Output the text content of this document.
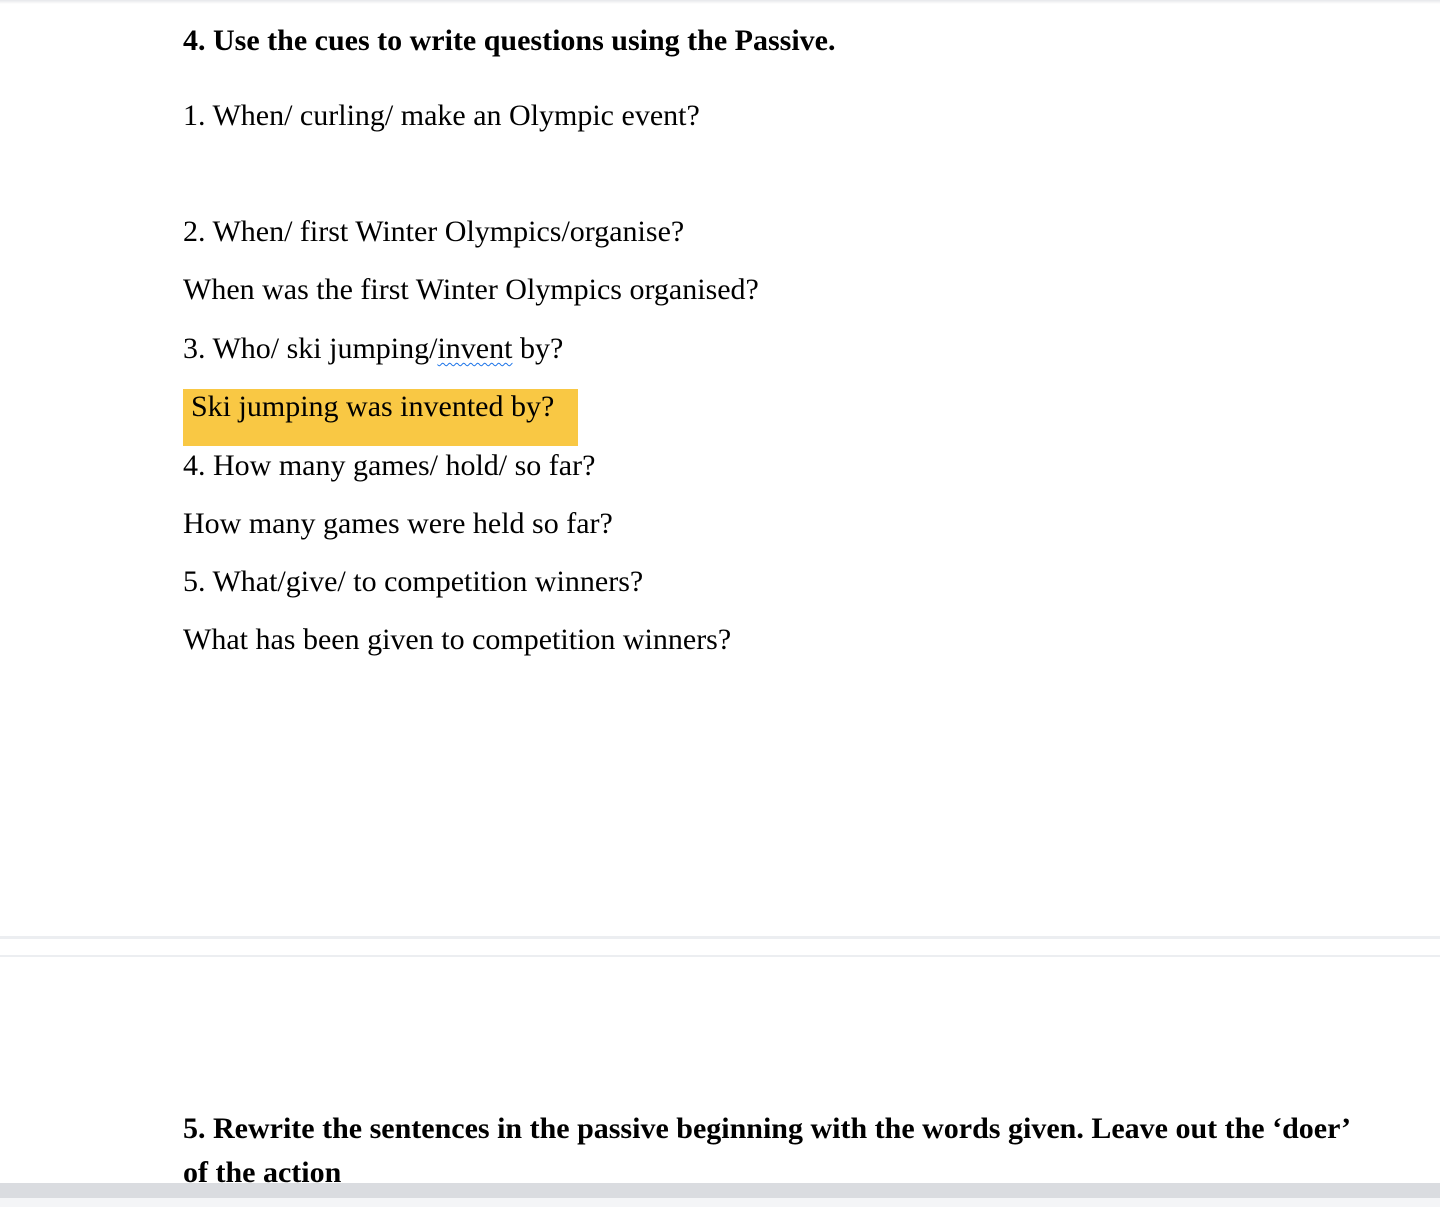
4. Use the cues to write questions using the Passive.
1. When/ curling/ make an Olympic event?
2. When/ first Winter Olympics/organise?
When was the first Winter Olympics organised?
3. Who/ ski jumping/invent by?
Ski jumping was invented by?
4. How many games/ hold/ so far?
How many games were held so far?
5. What/give/ to competition winners?
What has been given to competition winners?
5. Rewrite the sentences in the passive beginning with the words given. Leave out the ‘doer’
of the action
